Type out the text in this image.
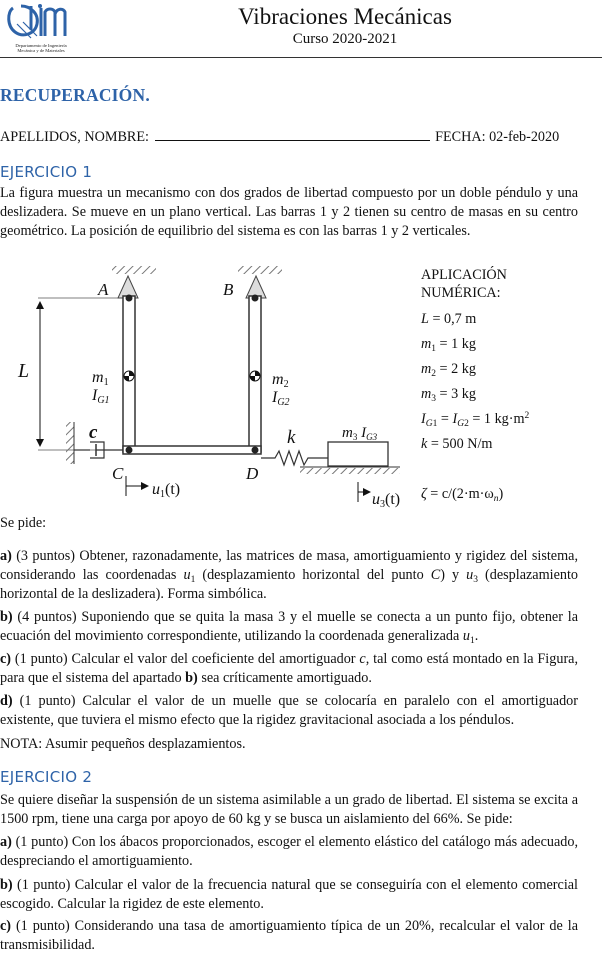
Departamento de Ingeniería Mecánica y de Materiales
Vibraciones Mecánicas
Curso 2020-2021
RECUPERACIÓN.
APELLIDOS, NOMBRE:	FECHA: 02-feb-2020
EJERCICIO 1
La figura muestra un mecanismo con dos grados de libertad compuesto por un doble péndulo y una deslizadera. Se mueve en un plano vertical. Las barras 1 y 2 tienen su centro de masas en su centro geométrico. La posición de equilibrio del sistema es con las barras 1 y 2 verticales.
A	B
C	D
L
c	k
m1
IG1
m2
IG2
$m_3$ $I_{G3}$
u1(t)
u3(t)
APLICACIÓN
NUMÉRICA:
L = 0,7 m
$m_1 = 1$ kg
$m_2 = 2$ kg
$m_3 = 3$ kg
$I_{G1} = I_{G2} = 1$ $kg\cdot m^2$
k = 500 N/m
$\zeta = c/(2\cdot m\cdot\omega_n)$
Se pide:
a) (3 puntos) Obtener, razonadamente, las matrices de masa, amortiguamiento y rigidez del sistema, considerando las coordenadas $u_1$ (desplazamiento horizontal del punto C) y $u_3$ (desplazamiento horizontal de la deslizadera). Forma simbólica.
b) (4 puntos) Suponiendo que se quita la masa 3 y el muelle se conecta a un punto fijo, obtener la ecuación del movimiento correspondiente, utilizando la coordenada generalizada $u_1$.
c) (1 punto) Calcular el valor del coeficiente del amortiguador c, tal como está montado en la Figura, para que el sistema del apartado b) sea críticamente amortiguado.
d) (1 punto) Calcular el valor de un muelle que se colocaría en paralelo con el amortiguador existente, que tuviera el mismo efecto que la rigidez gravitacional asociada a los péndulos.
NOTA: Asumir pequeños desplazamientos.
EJERCICIO 2
Se quiere diseñar la suspensión de un sistema asimilable a un grado de libertad. El sistema se excita a 1500 rpm, tiene una carga por apoyo de 60 kg y se busca un aislamiento del 66%. Se pide:
a) (1 punto) Con los ábacos proporcionados, escoger el elemento elástico del catálogo más adecuado, despreciando el amortiguamiento.
b) (1 punto) Calcular el valor de la frecuencia natural que se conseguiría con el elemento comercial escogido. Calcular la rigidez de este elemento.
c) (1 punto) Considerando una tasa de amortiguamiento típica de un 20%, recalcular el valor de la transmisibilidad.
